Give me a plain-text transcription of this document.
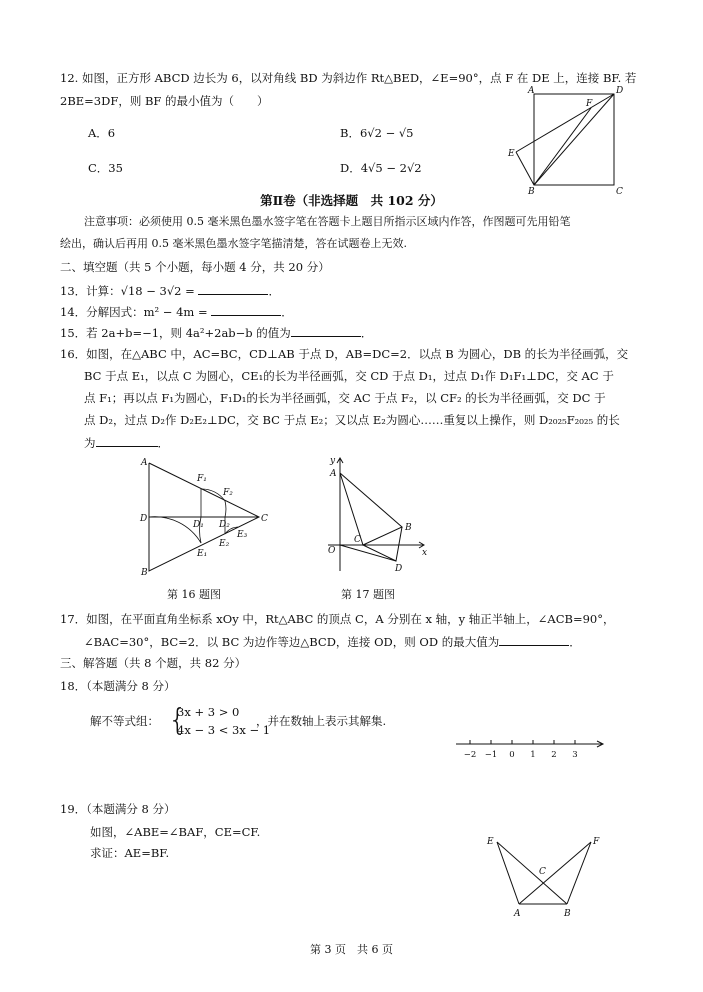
12. 如图，正方形 ABCD 边长为 6，以对角线 BD 为斜边作 Rt△BED，∠E=90°，点 F 在 DE 上，连接 BF. 若
2BE=3DF，则 BF 的最小值为（　　）
A．6	B．6√2 − √5
C．35	D．4√5 − 2√2
A	D
B	C
E
F
第Ⅱ卷（非选择题　共 102 分）
注意事项：必须使用 0.5 毫米黑色墨水签字笔在答题卡上题目所指示区域内作答，作图题可先用铅笔
绘出，确认后再用 0.5 毫米黑色墨水签字笔描清楚，答在试题卷上无效.
二、填空题（共 5 个小题，每小题 4 分，共 20 分）
13．计算：√18 − 3√2 =	．
14．分解因式：m² − 4m =	．
15．若 2a+b=−1，则 4a²+2ab−b 的值为	．
16．如图，在△ABC 中，AC=BC，CD⊥AB 于点 D，AB=DC=2．以点 B 为圆心，DB 的长为半径画弧，交
BC 于点 E₁，以点 C 为圆心，CE₁的长为半径画弧，交 CD 于点 D₁，过点 D₁作 D₁F₁⊥DC，交 AC 于
点 F₁；再以点 F₁为圆心，F₁D₁的长为半径画弧，交 AC 于点 F₂，以 CF₂ 的长为半径画弧，交 DC 于
点 D₂，过点 D₂作 D₂E₂⊥DC，交 BC 于点 E₂；又以点 E₂为圆心……重复以上操作，则 D₂₀₂₅F₂₀₂₅ 的长
为	．
A
D
B
C
F₁
F₂
D₁ D₂
E₁
E₂
E₃
第 16 题图
y
x
O
A
C
B
D
第 17 题图
17．如图，在平面直角坐标系 xOy 中，Rt△ABC 的顶点 C，A 分别在 x 轴，y 轴正半轴上，∠ACB=90°，
∠BAC=30°，BC=2．以 BC 为边作等边△BCD，连接 OD，则 OD 的最大值为	．
三、解答题（共 8 个题，共 82 分）
18．（本题满分 8 分）
解不等式组： {
3x + 3 > 0
4x − 3 < 3x − 1
，并在数轴上表示其解集.
−2 −1 0 1 2 3
19．（本题满分 8 分）
如图，∠ABE=∠BAF，CE=CF.
求证：AE=BF.
E	F
C
A	B
第 3 页　共 6 页
